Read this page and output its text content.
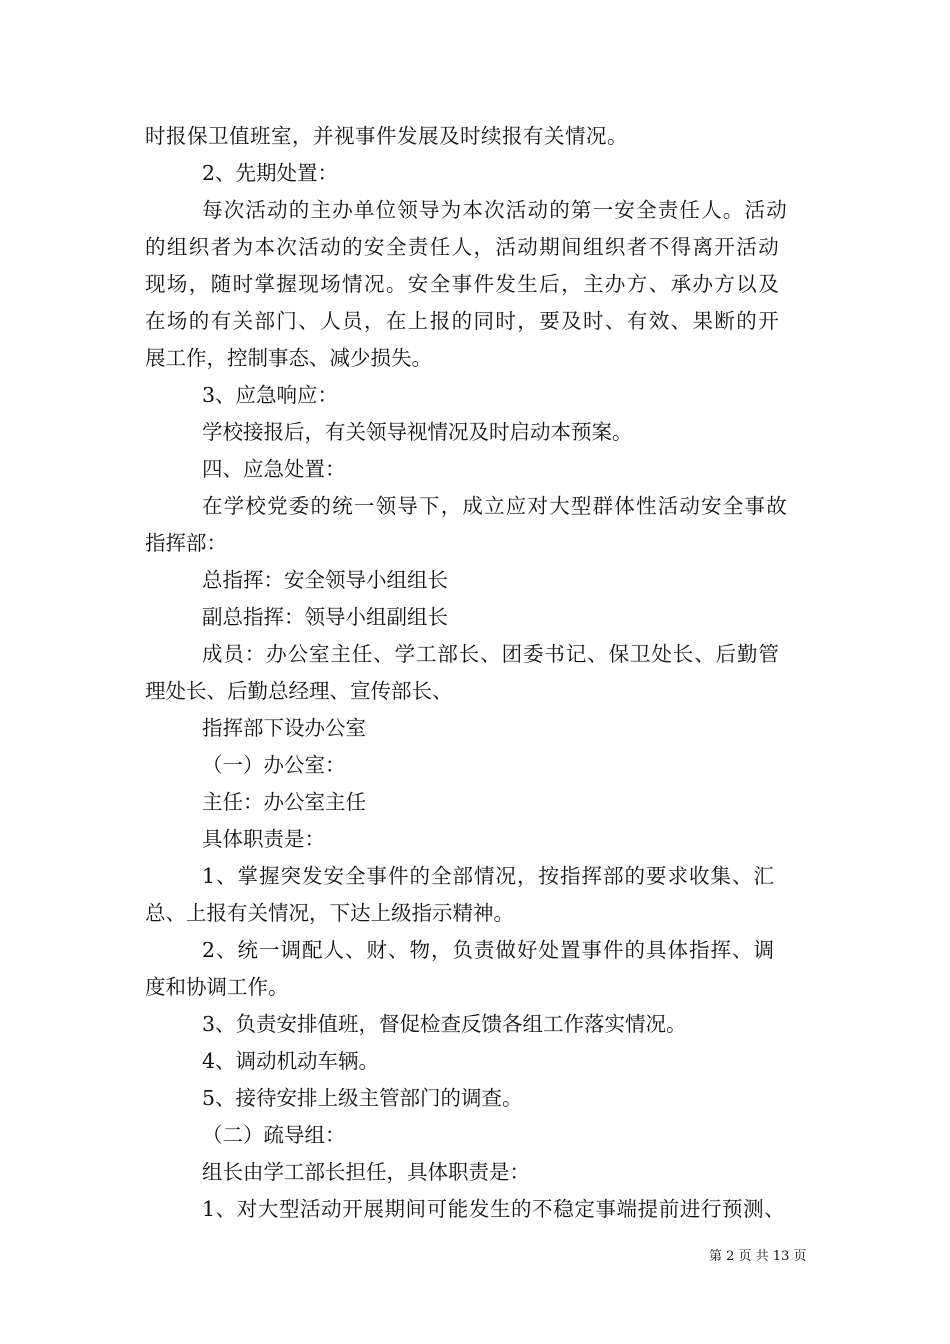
时报保卫值班室，并视事件发展及时续报有关情况。

2、先期处置：

每次活动的主办单位领导为本次活动的第一安全责任人。活动

的组织者为本次活动的安全责任人，活动期间组织者不得离开活动

现场，随时掌握现场情况。安全事件发生后，主办方、承办方以及

在场的有关部门、人员，在上报的同时，要及时、有效、果断的开

展工作，控制事态、减少损失。

3、应急响应：

学校接报后，有关领导视情况及时启动本预案。

四、应急处置：

在学校党委的统一领导下，成立应对大型群体性活动安全事故

指挥部：

总指挥：安全领导小组组长

副总指挥：领导小组副组长

成员：办公室主任、学工部长、团委书记、保卫处长、后勤管

理处长、后勤总经理、宣传部长、

指挥部下设办公室

（一）办公室：

主任：办公室主任

具体职责是：

1、掌握突发安全事件的全部情况，按指挥部的要求收集、汇

总、上报有关情况，下达上级指示精神。

2、统一调配人、财、物，负责做好处置事件的具体指挥、调

度和协调工作。

3、负责安排值班，督促检查反馈各组工作落实情况。

4、调动机动车辆。

5、接待安排上级主管部门的调查。

（二）疏导组：

组长由学工部长担任，具体职责是：

1、对大型活动开展期间可能发生的不稳定事端提前进行预测、

第 2 页 共 13 页
